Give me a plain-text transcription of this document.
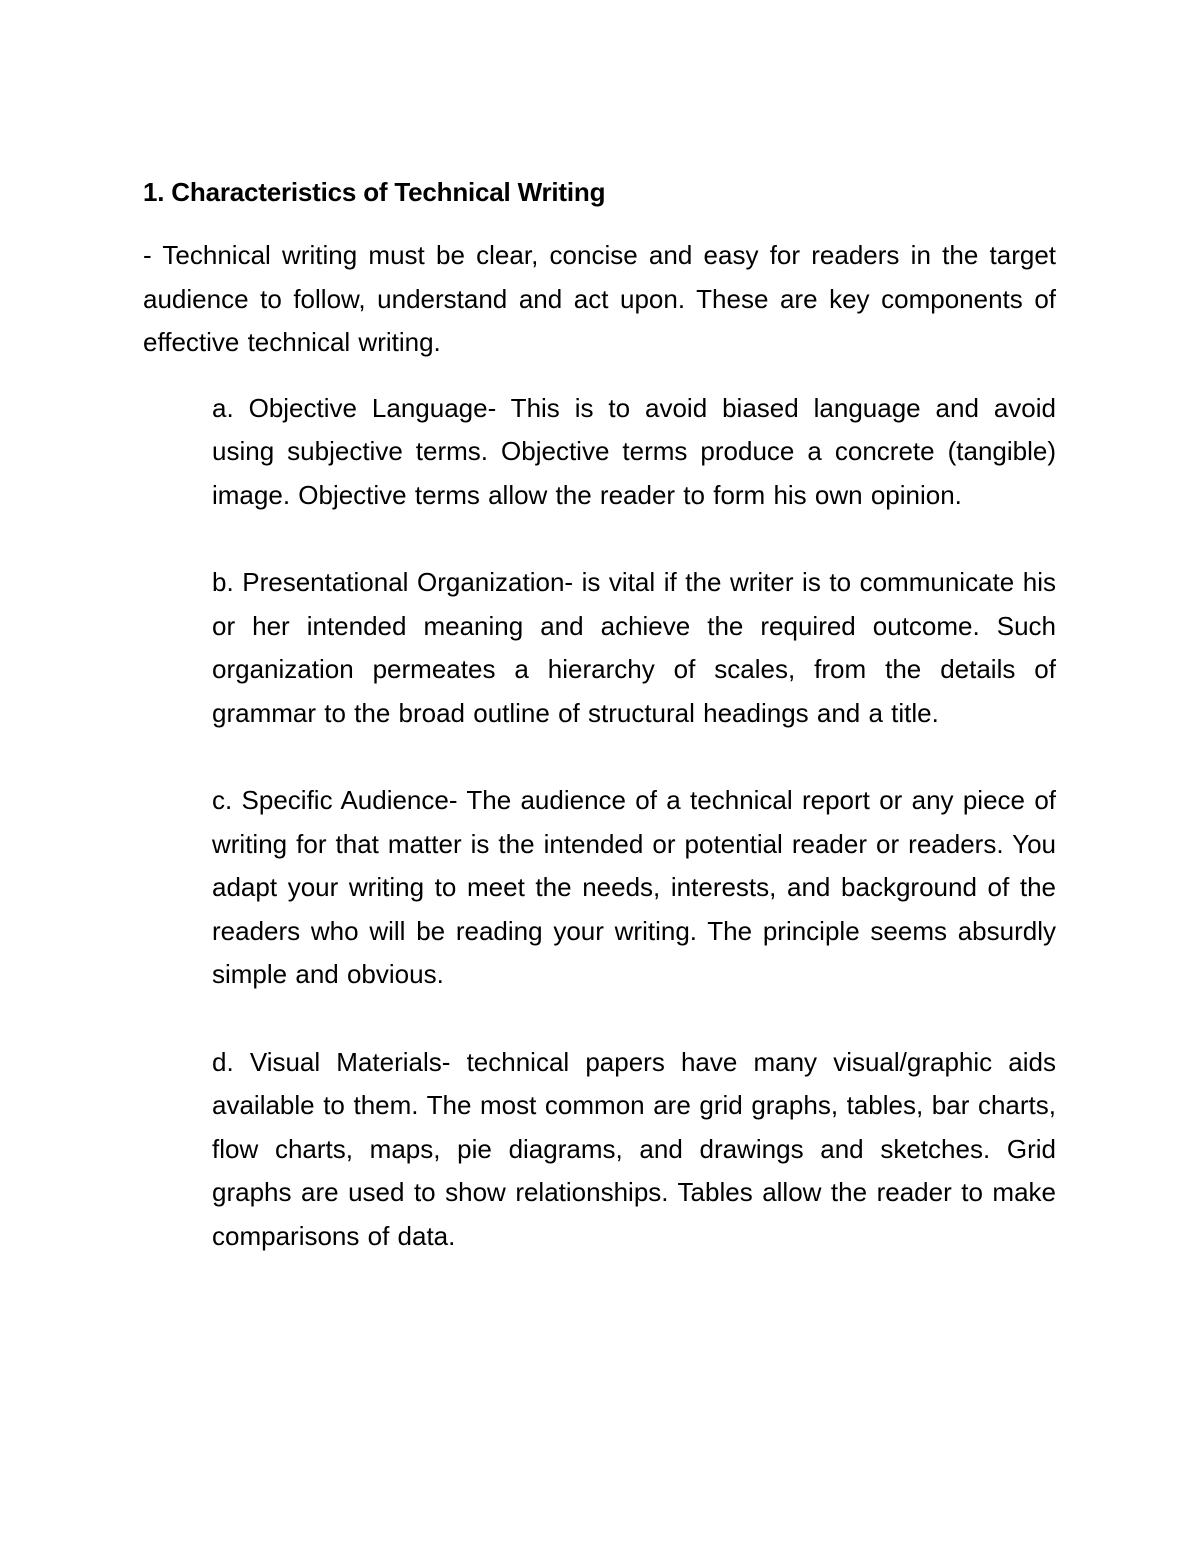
1. Characteristics of Technical Writing

- Technical writing must be clear, concise and easy for readers in the target audience to follow, understand and act upon. These are key components of effective technical writing.

a. Objective Language- This is to avoid biased language and avoid using subjective terms. Objective terms produce a concrete (tangible) image. Objective terms allow the reader to form his own opinion.
b. Presentational Organization- is vital if the writer is to communicate his or her intended meaning and achieve the required outcome. Such organization permeates a hierarchy of scales, from the details of grammar to the broad outline of structural headings and a title.
c. Specific Audience- The audience of a technical report or any piece of writing for that matter is the intended or potential reader or readers. You adapt your writing to meet the needs, interests, and background of the readers who will be reading your writing. The principle seems absurdly simple and obvious.
d. Visual Materials- technical papers have many visual/graphic aids available to them. The most common are grid graphs, tables, bar charts, flow charts, maps, pie diagrams, and drawings and sketches. Grid graphs are used to show relationships. Tables allow the reader to make comparisons of data.
